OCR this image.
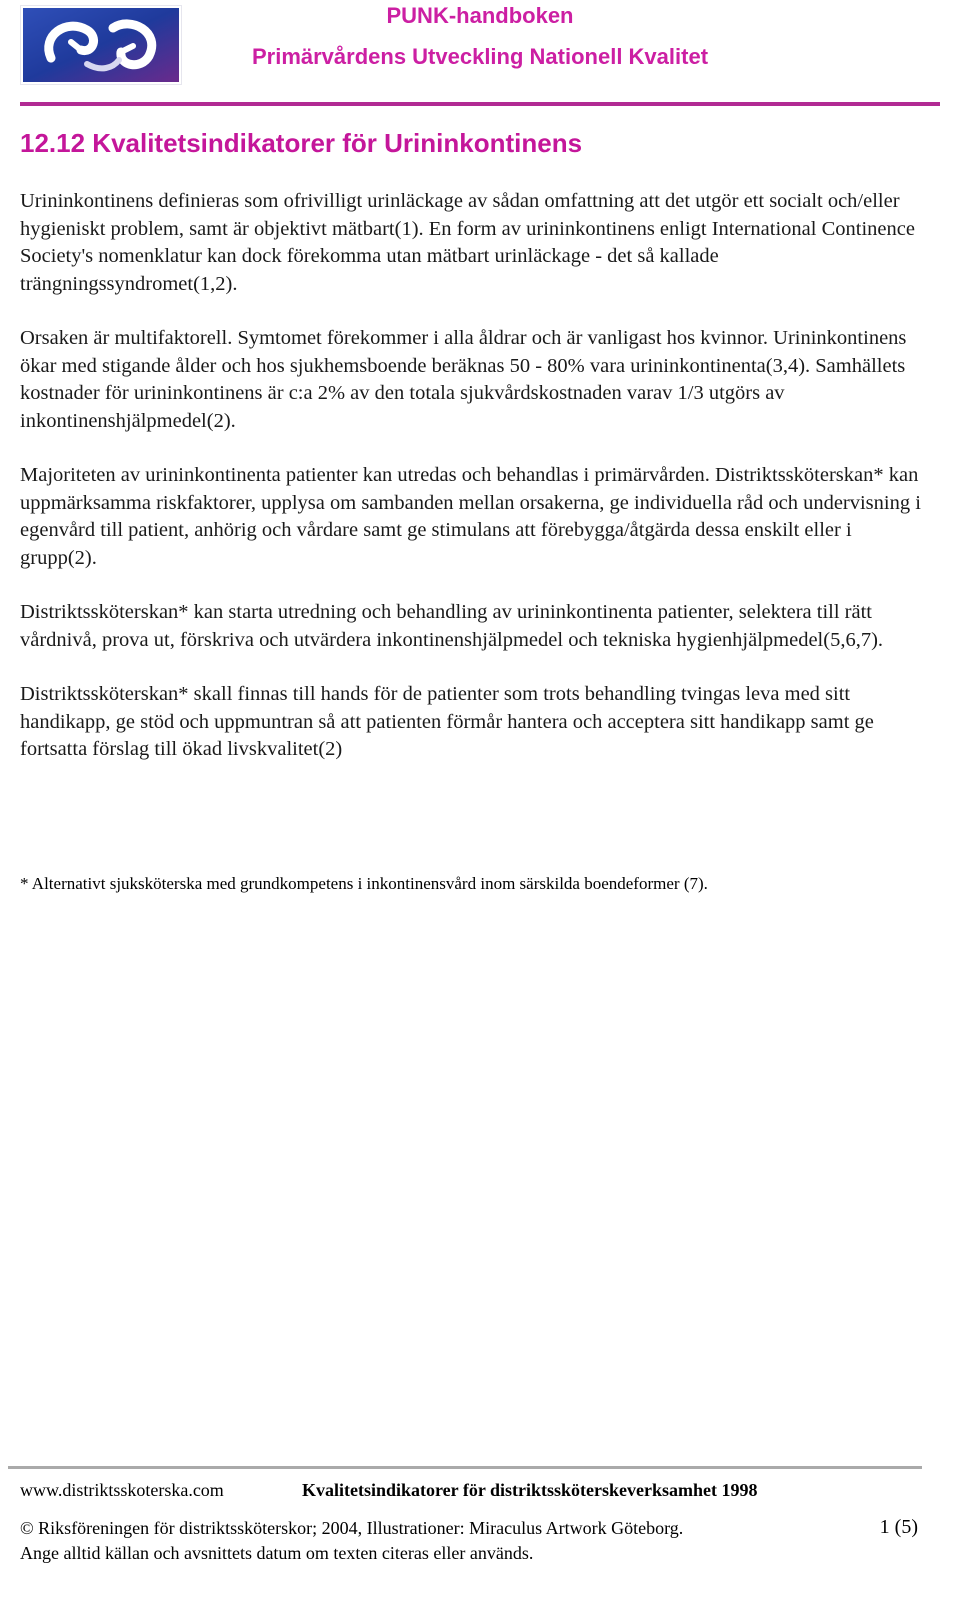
PUNK-handboken
Primärvårdens Utveckling Nationell Kvalitet
12.12 Kvalitetsindikatorer för Urininkontinens

Urininkontinens definieras som ofrivilligt urinläckage av sådan omfattning att det utgör ett socialt och/eller hygieniskt problem, samt är objektivt mätbart(1). En form av urininkontinens enligt International Continence Society's nomenklatur kan dock förekomma utan mätbart urinläckage - det så kallade trängningssyndromet(1,2).

Orsaken är multifaktorell. Symtomet förekommer i alla åldrar och är vanligast hos kvinnor. Urininkontinens ökar med stigande ålder och hos sjukhemsboende beräknas 50 - 80% vara urininkontinenta(3,4). Samhällets kostnader för urininkontinens är c:a 2% av den totala sjukvårdskostnaden varav 1/3 utgörs av inkontinenshjälpmedel(2).

Majoriteten av urininkontinenta patienter kan utredas och behandlas i primärvården. Distriktssköterskan* kan uppmärksamma riskfaktorer, upplysa om sambanden mellan orsakerna, ge individuella råd och undervisning i egenvård till patient, anhörig och vårdare samt ge stimulans att förebygga/åtgärda dessa enskilt eller i grupp(2).

Distriktssköterskan* kan starta utredning och behandling av urininkontinenta patienter, selektera till rätt vårdnivå, prova ut, förskriva och utvärdera inkontinenshjälpmedel och tekniska hygienhjälpmedel(5,6,7).

Distriktssköterskan* skall finnas till hands för de patienter som trots behandling tvingas leva med sitt handikapp, ge stöd och uppmuntran så att patienten förmår hantera och acceptera sitt handikapp samt ge fortsatta förslag till ökad livskvalitet(2)

* Alternativt sjuksköterska med grundkompetens i inkontinensvård inom särskilda boendeformer (7).

www.distriktsskoterska.com	Kvalitetsindikatorer för distriktssköterskeverksamhet 1998
© Riksföreningen för distriktssköterskor; 2004, Illustrationer: Miraculus Artwork Göteborg.
Ange alltid källan och avsnittets datum om texten citeras eller används.
1 (5)
